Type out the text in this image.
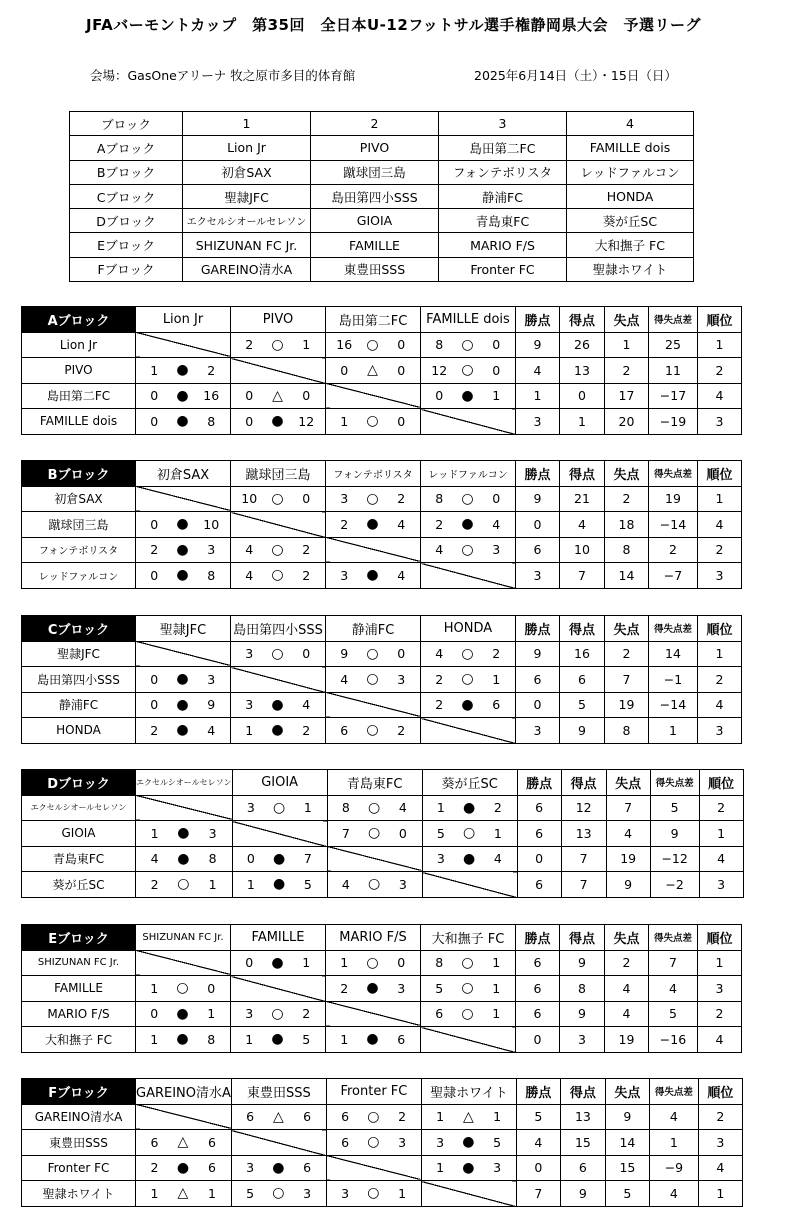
JFAバーモントカップ　第35回　全日本U-12フットサル選手権静岡県大会　予選リーグ
会場：GasOneアリーナ 牧之原市多目的体育館	2025年6月14日（土）・15日（日）
ブロック	1	2	3	4
Aブロック	Lion Jr	PIVO	島田第二FC	FAMILLE dois
Bブロック	初倉SAX	蹴球団三島	フォンテボリスタ	レッドファルコン
Cブロック	聖隷JFC	島田第四小SSS	静浦FC	HONDA
Dブロック	エクセルシオールセレソン	GIOIA	青島東FC	葵が丘SC
Eブロック	SHIZUNAN FC Jr.	FAMILLE	MARIO F/S	大和撫子 FC
Fブロック	GAREINO清水A	東豊田SSS	Fronter FC	聖隷ホワイト
Aブロック	Lion Jr			PIVO			島田第二FC			FAMILLE dois			勝点	得点	失点	得失点差	順位
Lion Jr				2	○	1	16	○	0	8	○	0	9	26	1	25	1
PIVO	1	●	2				0	△	0	12	○	0	4	13	2	11	2
島田第二FC	0	●	16	0	△	0				0	●	1	1	0	17	−17	4
FAMILLE dois	0	●	8	0	●	12	1	○	0				3	1	20	−19	3
Bブロック	初倉SAX			蹴球団三島			フォンテボリスタ			レッドファルコン			勝点	得点	失点	得失点差	順位
初倉SAX				10	○	0	3	○	2	8	○	0	9	21	2	19	1
蹴球団三島	0	●	10				2	●	4	2	●	4	0	4	18	−14	4
フォンテボリスタ	2	●	3	4	○	2				4	○	3	6	10	8	2	2
レッドファルコン	0	●	8	4	○	2	3	●	4				3	7	14	−7	3
Cブロック	聖隷JFC			島田第四小SSS			静浦FC			HONDA			勝点	得点	失点	得失点差	順位
聖隷JFC				3	○	0	9	○	0	4	○	2	9	16	2	14	1
島田第四小SSS	0	●	3				4	○	3	2	○	1	6	6	7	−1	2
静浦FC	0	●	9	3	●	4				2	●	6	0	5	19	−14	4
HONDA	2	●	4	1	●	2	6	○	2				3	9	8	1	3
Dブロック	エクセルシオールセレソン			GIOIA			青島東FC			葵が丘SC			勝点	得点	失点	得失点差	順位
エクセルシオールセレソン				3	○	1	8	○	4	1	●	2	6	12	7	5	2
GIOIA	1	●	3				7	○	0	5	○	1	6	13	4	9	1
青島東FC	4	●	8	0	●	7				3	●	4	0	7	19	−12	4
葵が丘SC	2	○	1	1	●	5	4	○	3				6	7	9	−2	3
Eブロック	SHIZUNAN FC Jr.			FAMILLE			MARIO F/S			大和撫子 FC			勝点	得点	失点	得失点差	順位
SHIZUNAN FC Jr.				0	●	1	1	○	0	8	○	1	6	9	2	7	1
FAMILLE	1	○	0				2	●	3	5	○	1	6	8	4	4	3
MARIO F/S	0	●	1	3	○	2				6	○	1	6	9	4	5	2
大和撫子 FC	1	●	8	1	●	5	1	●	6				0	3	19	−16	4
Fブロック	GAREINO清水A			東豊田SSS			Fronter FC			聖隷ホワイト			勝点	得点	失点	得失点差	順位
GAREINO清水A				6	△	6	6	○	2	1	△	1	5	13	9	4	2
東豊田SSS	6	△	6				6	○	3	3	●	5	4	15	14	1	3
Fronter FC	2	●	6	3	●	6				1	●	3	0	6	15	−9	4
聖隷ホワイト	1	△	1	5	○	3	3	○	1				7	9	5	4	1
